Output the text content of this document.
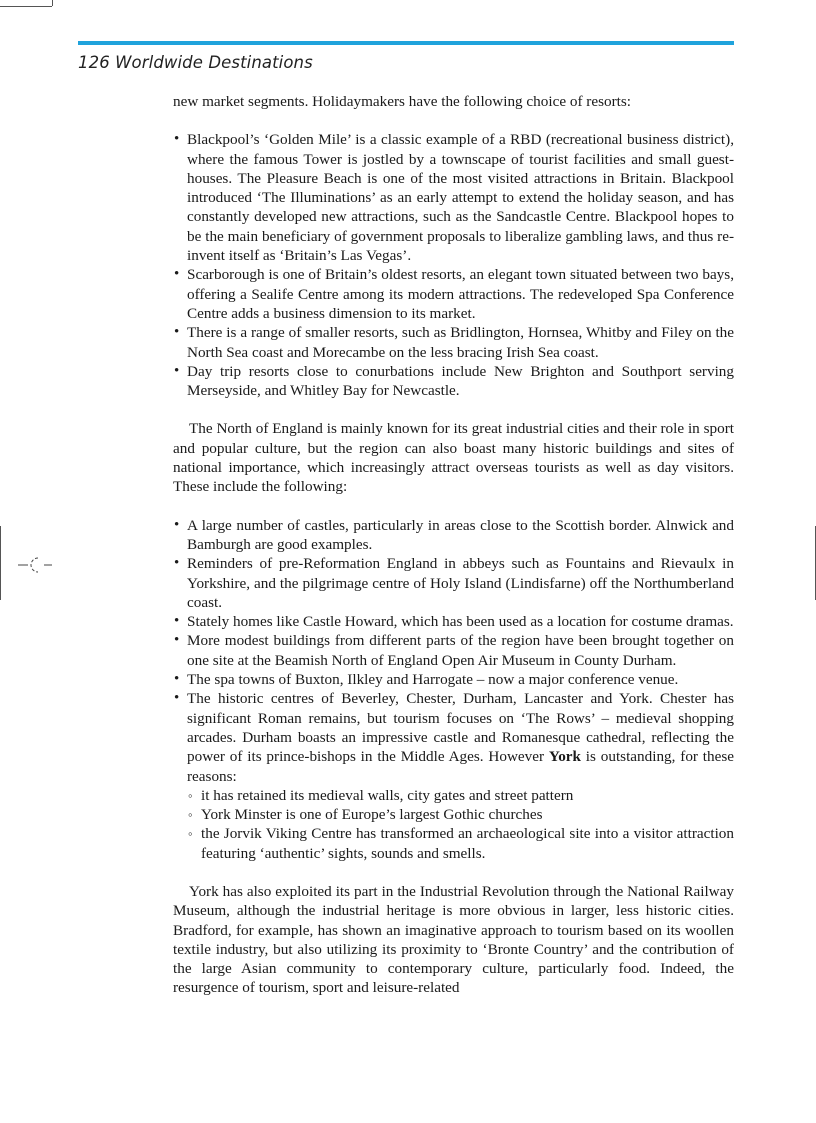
126 Worldwide Destinations

new market segments. Holidaymakers have the following choice of resorts:

• Blackpool’s ‘Golden Mile’ is a classic example of a RBD (recreational business district), where the famous Tower is jostled by a townscape of tourist facilities and small guest-houses. The Pleasure Beach is one of the most visited attractions in Britain. Blackpool introduced ‘The Illuminations’ as an early attempt to extend the holiday season, and has constantly developed new attractions, such as the Sandcastle Centre. Blackpool hopes to be the main beneficiary of government proposals to liberalize gambling laws, and thus re-invent itself as ‘Britain’s Las Vegas’.
• Scarborough is one of Britain’s oldest resorts, an elegant town situated between two bays, offering a Sealife Centre among its modern attractions. The redeveloped Spa Conference Centre adds a business dimension to its market.
• There is a range of smaller resorts, such as Bridlington, Hornsea, Whitby and Filey on the North Sea coast and Morecambe on the less bracing Irish Sea coast.
• Day trip resorts close to conurbations include New Brighton and Southport serving Merseyside, and Whitley Bay for Newcastle.

The North of England is mainly known for its great industrial cities and their role in sport and popular culture, but the region can also boast many historic buildings and sites of national importance, which increasingly attract overseas tourists as well as day visitors. These include the following:

• A large number of castles, particularly in areas close to the Scottish border. Alnwick and Bamburgh are good examples.
• Reminders of pre-Reformation England in abbeys such as Fountains and Rievaulx in Yorkshire, and the pilgrimage centre of Holy Island (Lindisfarne) off the Northumberland coast.
• Stately homes like Castle Howard, which has been used as a location for costume dramas.
• More modest buildings from different parts of the region have been brought together on one site at the Beamish North of England Open Air Museum in County Durham.
• The spa towns of Buxton, Ilkley and Harrogate – now a major conference venue.
• The historic centres of Beverley, Chester, Durham, Lancaster and York. Chester has significant Roman remains, but tourism focuses on ‘The Rows’ – medieval shopping arcades. Durham boasts an impressive castle and Romanesque cathedral, reflecting the power of its prince-bishops in the Middle Ages. However York is outstanding, for these reasons:
◦ it has retained its medieval walls, city gates and street pattern
◦ York Minster is one of Europe’s largest Gothic churches
◦ the Jorvik Viking Centre has transformed an archaeological site into a visitor attraction featuring ‘authentic’ sights, sounds and smells.

York has also exploited its part in the Industrial Revolution through the National Railway Museum, although the industrial heritage is more obvious in larger, less historic cities. Bradford, for example, has shown an imaginative approach to tourism based on its woollen textile industry, but also utilizing its proximity to ‘Bronte Country’ and the contribution of the large Asian community to contemporary culture, particularly food. Indeed, the resurgence of tourism, sport and leisure-related
